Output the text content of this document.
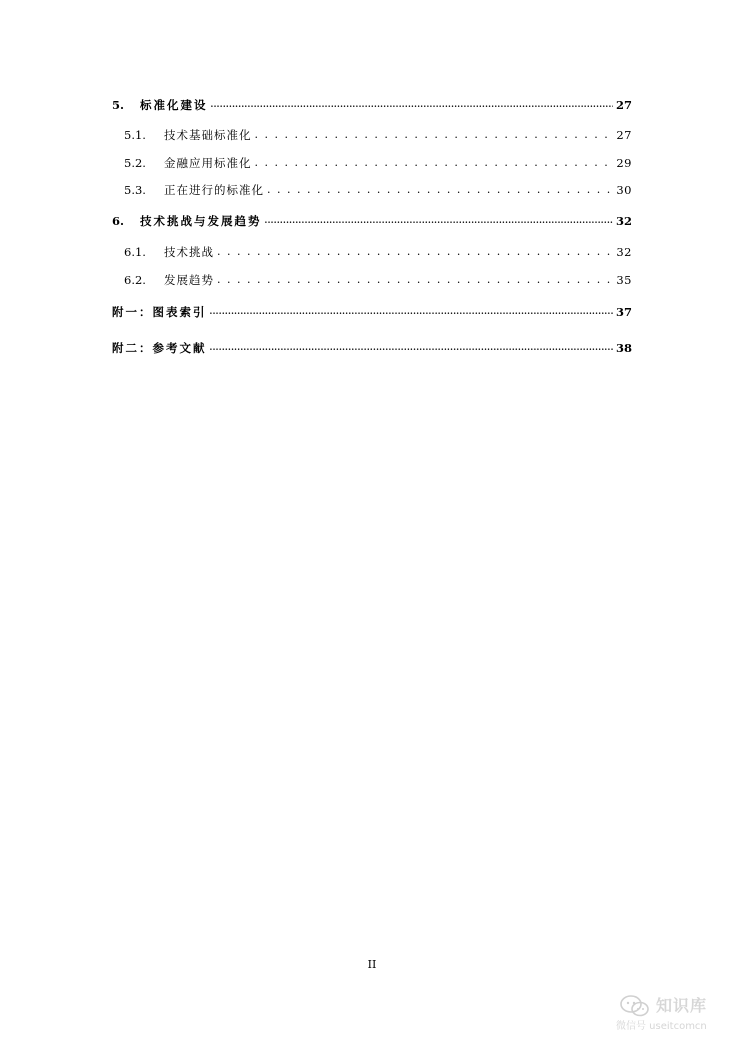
5.	标准化建设 .....	27
5.1.	技术基础标准化 . . .	27
5.2.	金融应用标准化 . . .	29
5.3.	正在进行的标准化 . . .	30
6.	技术挑战与发展趋势 .....	32
6.1.	技术挑战 . . .	32
6.2.	发展趋势 . . .	35
附一：图表索引 .....	37
附二：参考文献 .....	38
II
知识库
微信号 useitcomcn
